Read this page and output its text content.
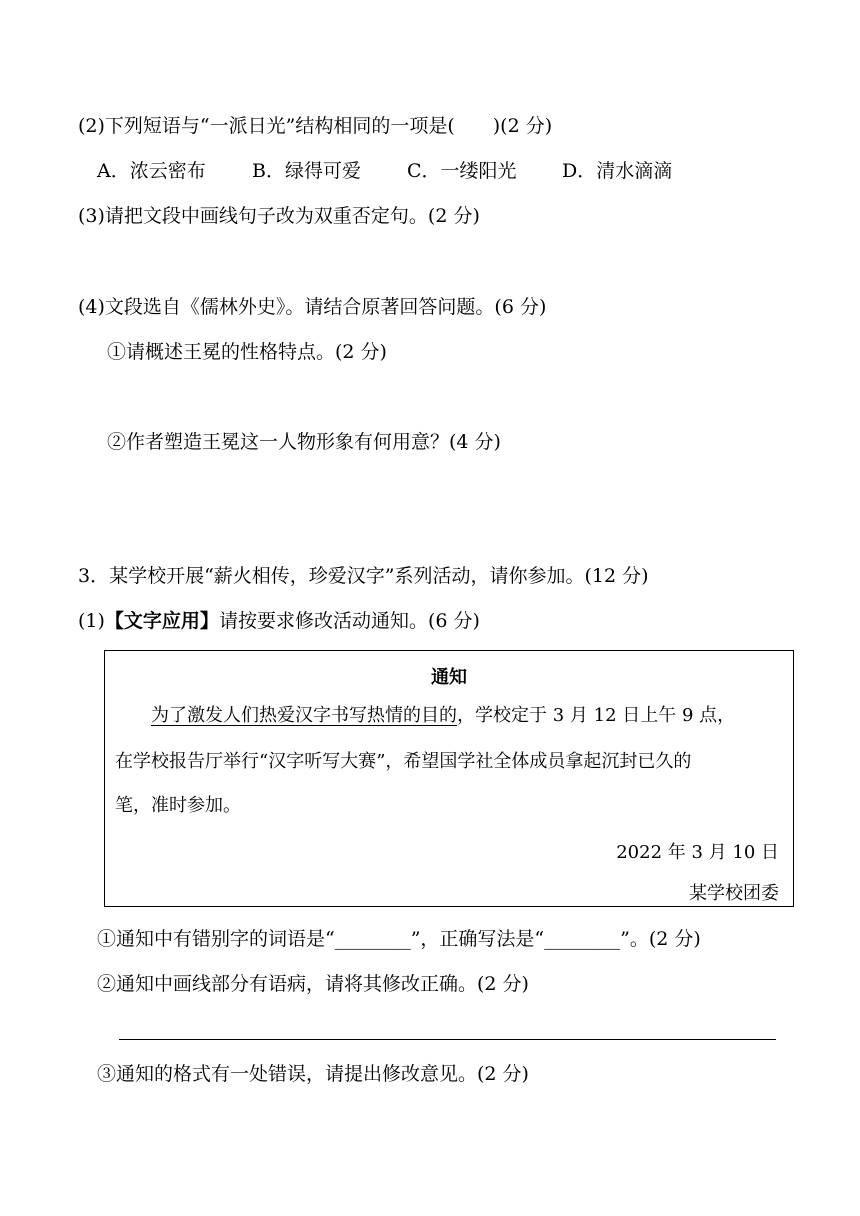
(2)下列短语与“一派日光”结构相同的一项是(　　)(2 分)
A．浓云密布 B．绿得可爱 C．一缕阳光 D．清水滴滴
(3)请把文段中画线句子改为双重否定句。(2 分)
(4)文段选自《儒林外史》。请结合原著回答问题。(6 分)
①请概述王冕的性格特点。(2 分)
②作者塑造王冕这一人物形象有何用意？(4 分)
3．某学校开展“薪火相传，珍爱汉字”系列活动，请你参加。(12 分)
(1)【文字应用】请按要求修改活动通知。(6 分)
通知
为了激发人们热爱汉字书写热情的目的，学校定于 3 月 12 日上午 9 点，
在学校报告厅举行“汉字听写大赛”，希望国学社全体成员拿起沉封已久的
笔，准时参加。
2022 年 3 月 10 日
某学校团委
①通知中有错别字的词语是“________”，正确写法是“________”。(2 分)
②通知中画线部分有语病，请将其修改正确。(2 分)
③通知的格式有一处错误，请提出修改意见。(2 分)
